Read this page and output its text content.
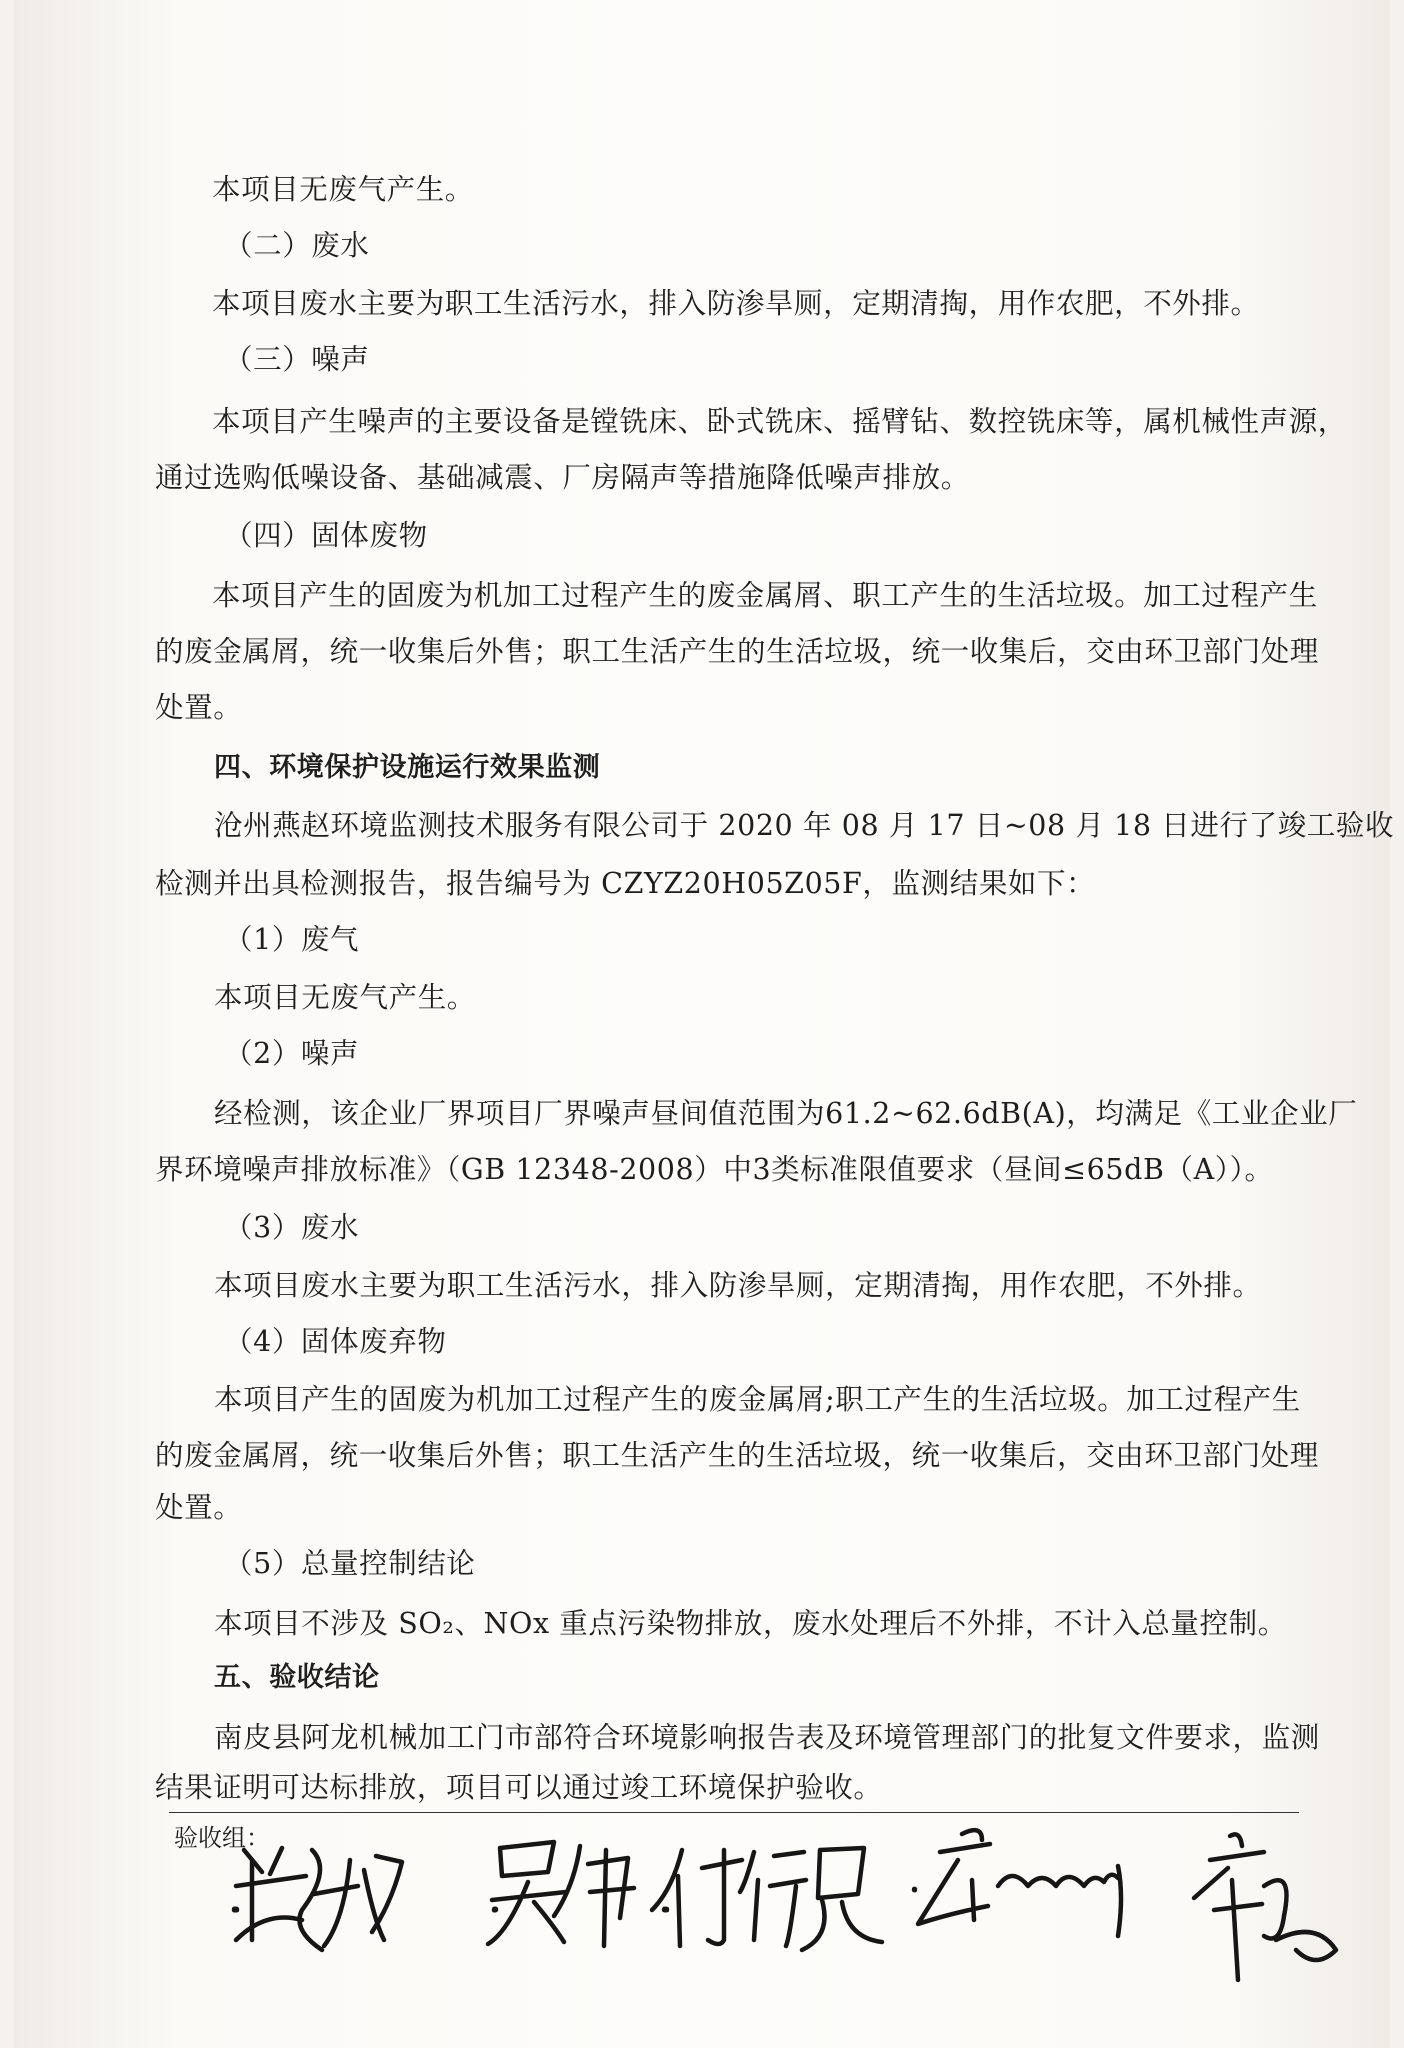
本项目无废气产生。
（二）废水
本项目废水主要为职工生活污水，排入防渗旱厕，定期清掏，用作农肥，不外排。
（三）噪声
本项目产生噪声的主要设备是镗铣床、卧式铣床、摇臂钻、数控铣床等，属机械性声源，
通过选购低噪设备、基础减震、厂房隔声等措施降低噪声排放。
（四）固体废物
本项目产生的固废为机加工过程产生的废金属屑、职工产生的生活垃圾。加工过程产生
的废金属屑，统一收集后外售；职工生活产生的生活垃圾，统一收集后，交由环卫部门处理
处置。
四、环境保护设施运行效果监测
沧州燕赵环境监测技术服务有限公司于 2020 年 08 月 17 日~08 月 18 日进行了竣工验收
检测并出具检测报告，报告编号为 CZYZ20H05Z05F，监测结果如下：
（1）废气
本项目无废气产生。
（2）噪声
经检测，该企业厂界项目厂界噪声昼间值范围为61.2~62.6dB(A)，均满足《工业企业厂
界环境噪声排放标准》（GB 12348-2008）中3类标准限值要求（昼间≤65dB（A））。
（3）废水
本项目废水主要为职工生活污水，排入防渗旱厕，定期清掏，用作农肥，不外排。
（4）固体废弃物
本项目产生的固废为机加工过程产生的废金属屑;职工产生的生活垃圾。加工过程产生
的废金属屑，统一收集后外售；职工生活产生的生活垃圾，统一收集后，交由环卫部门处理
处置。
（5）总量控制结论
本项目不涉及 SO₂、NOx 重点污染物排放，废水处理后不外排，不计入总量控制。
五、验收结论
南皮县阿龙机械加工门市部符合环境影响报告表及环境管理部门的批复文件要求，监测
结果证明可达标排放，项目可以通过竣工环境保护验收。
验收组：
姜俊波	吴伟	付衍宽
辛
